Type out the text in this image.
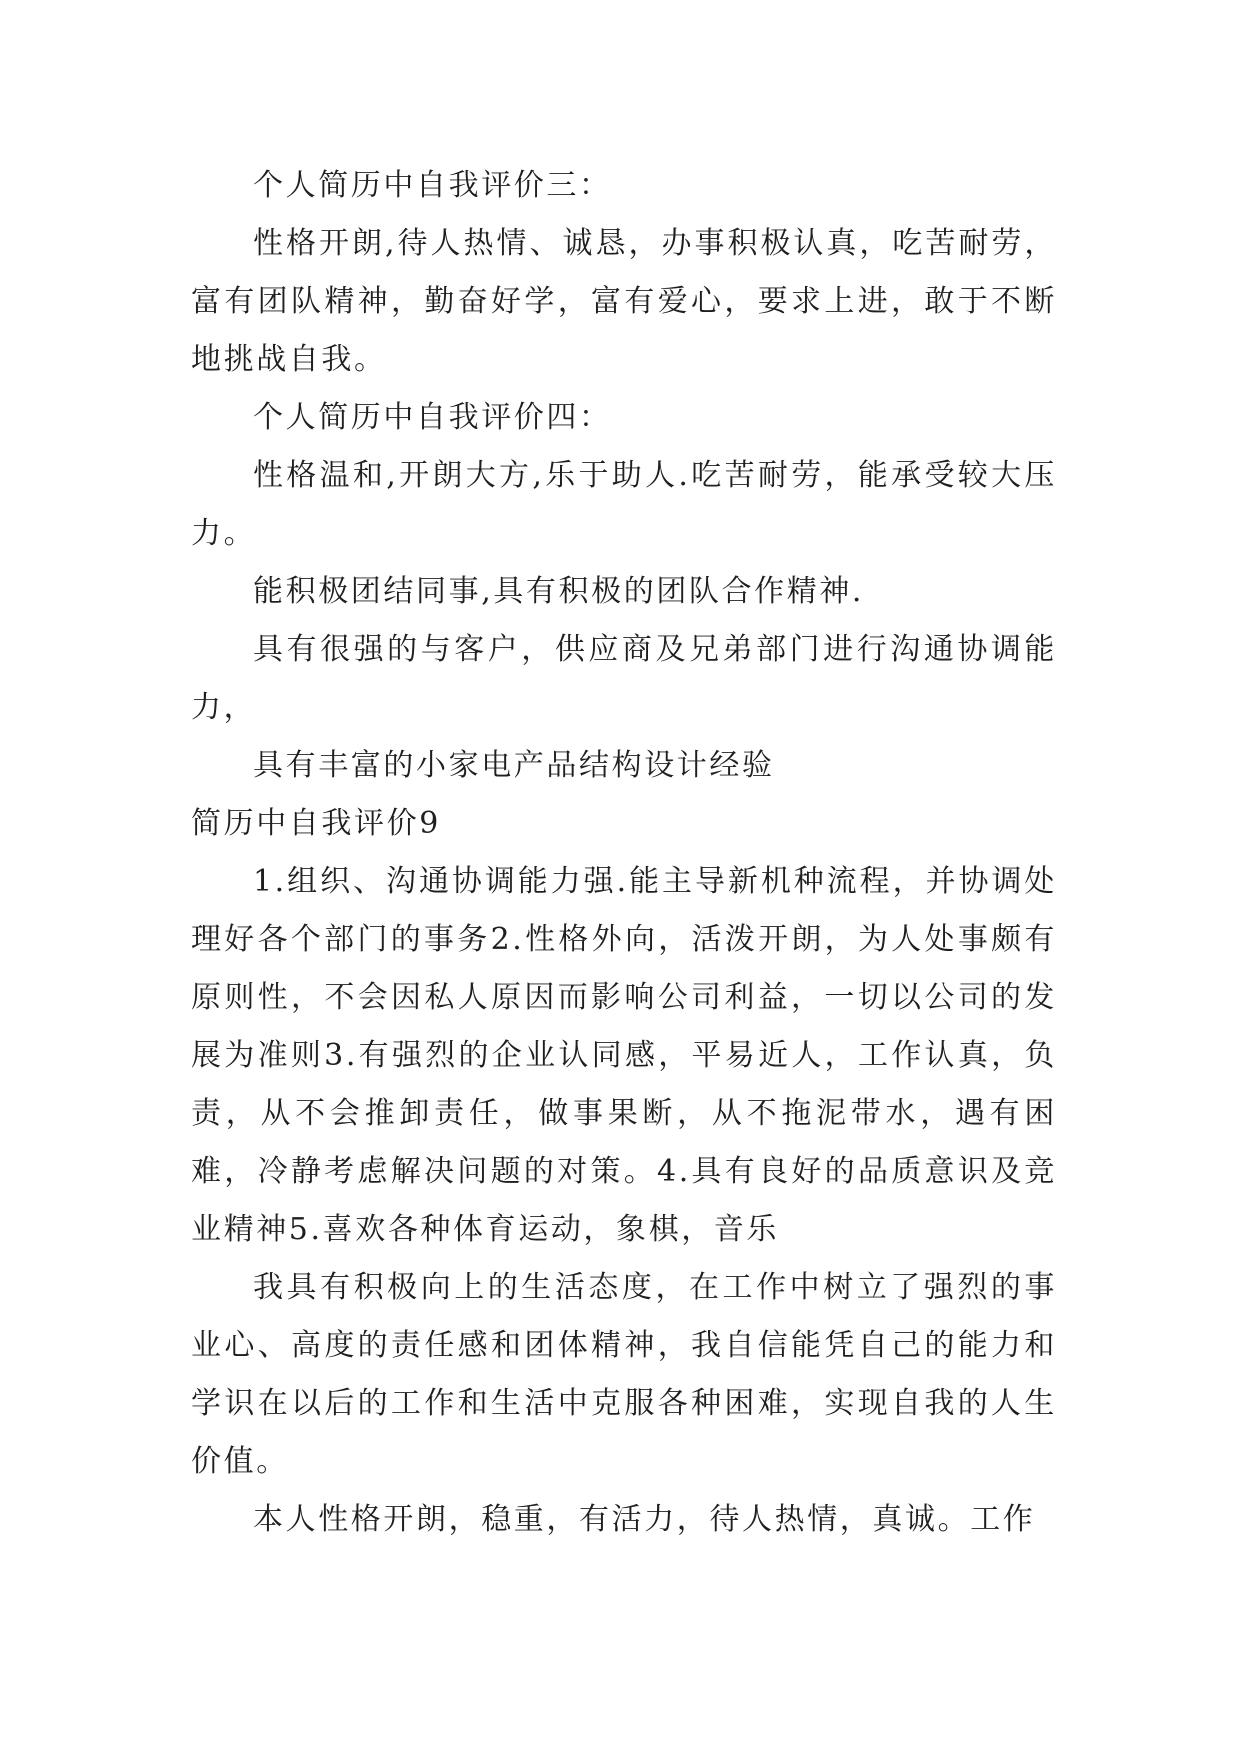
个人简历中自我评价三：

性格开朗,待人热情、诚恳，办事积极认真，吃苦耐劳，富有团队精神，勤奋好学，富有爱心，要求上进，敢于不断地挑战自我。

个人简历中自我评价四：

性格温和,开朗大方,乐于助人.吃苦耐劳，能承受较大压力。

能积极团结同事,具有积极的团队合作精神.

具有很强的与客户，供应商及兄弟部门进行沟通协调能力，

具有丰富的小家电产品结构设计经验

简历中自我评价9

1.组织、沟通协调能力强.能主导新机种流程，并协调处理好各个部门的事务2.性格外向，活泼开朗，为人处事颇有原则性，不会因私人原因而影响公司利益，一切以公司的发展为准则3.有强烈的企业认同感，平易近人，工作认真，负责，从不会推卸责任，做事果断，从不拖泥带水，遇有困难，冷静考虑解决问题的对策。4.具有良好的品质意识及竞业精神5.喜欢各种体育运动，象棋，音乐

我具有积极向上的生活态度，在工作中树立了强烈的事业心、高度的责任感和团体精神，我自信能凭自己的能力和学识在以后的工作和生活中克服各种困难，实现自我的人生价值。

本人性格开朗，稳重，有活力，待人热情，真诚。工作
